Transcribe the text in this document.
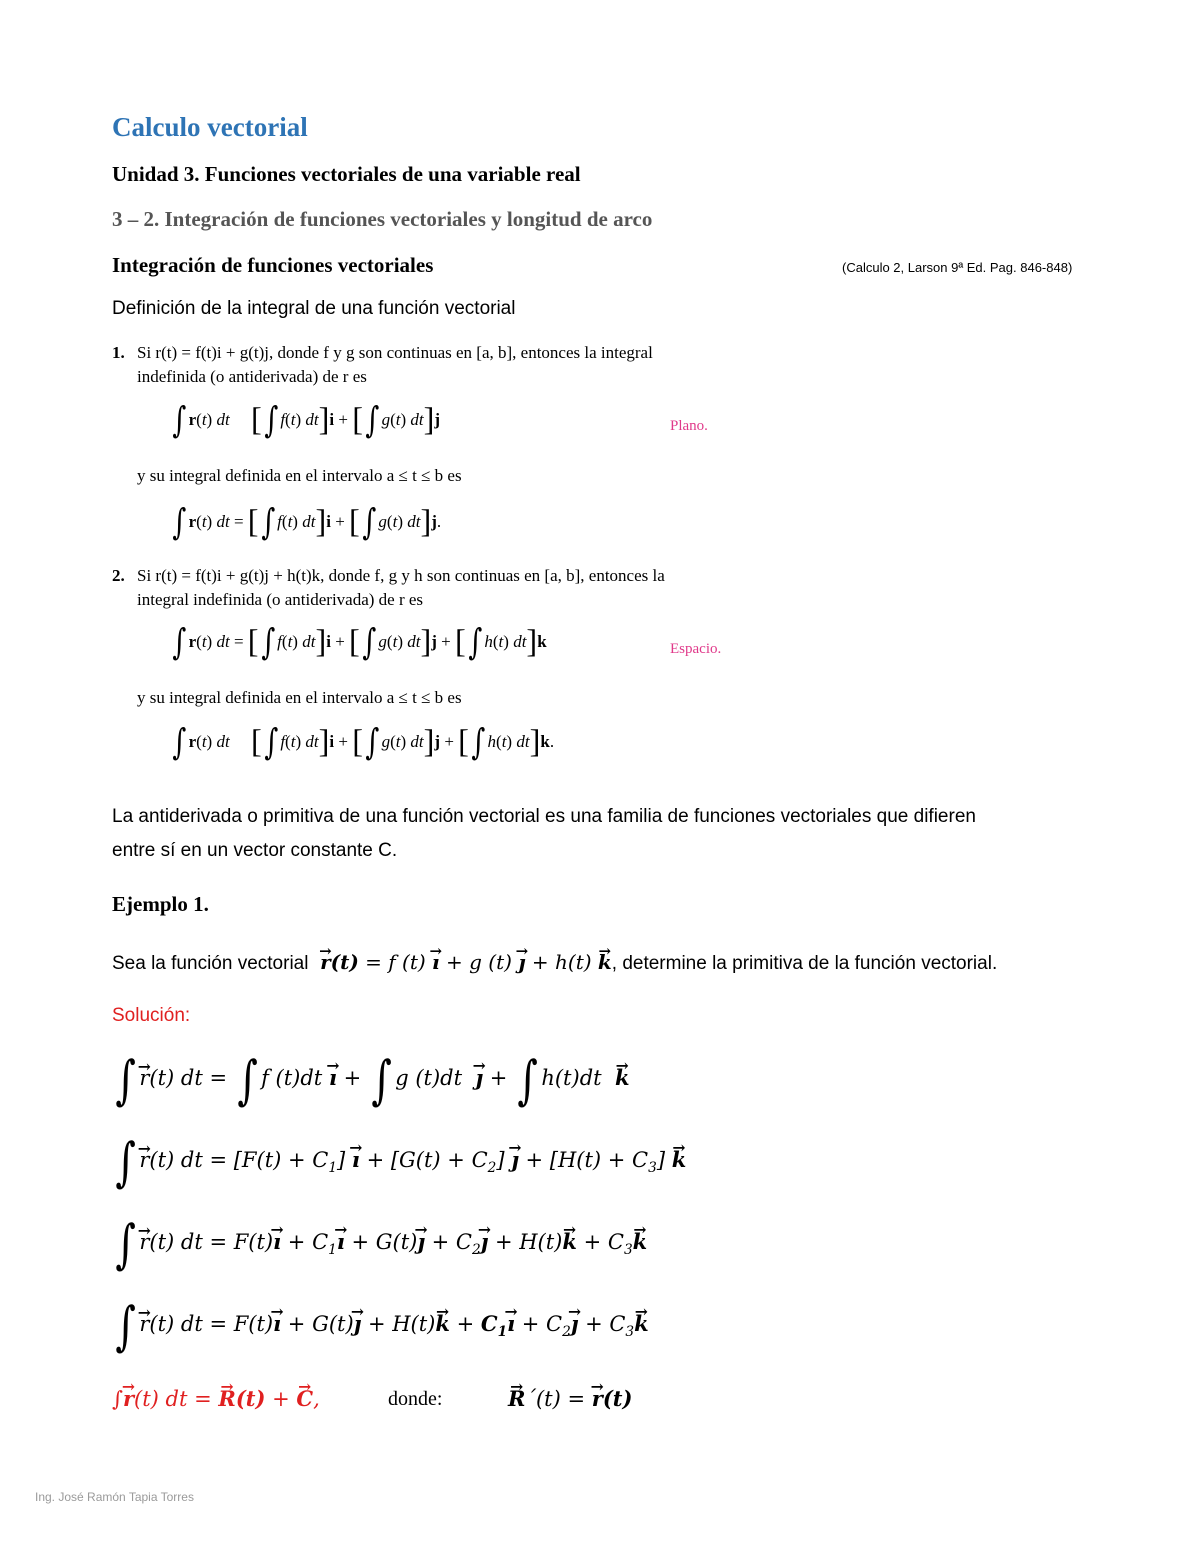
Calculo vectorial
Unidad 3. Funciones vectoriales de una variable real
3 – 2. Integración de funciones vectoriales y longitud de arco
Integración de funciones vectoriales	(Calculo 2, Larson 9ª Ed. Pag. 846-848)
Definición de la integral de una función vectorial
1. Si r(t) = f(t)i + g(t)j, donde f y g son continuas en [a, b], entonces la integral
indefinida (o antiderivada) de r es
∫ r(t) dt [∫ f(t) dt]i + [∫ g(t) dt]j	Plano.
y su integral definida en el intervalo a ≤ t ≤ b es
∫ r(t) dt = [∫ f(t) dt]i + [∫ g(t) dt]j.
2. Si r(t) = f(t)i + g(t)j + h(t)k, donde f, g y h son continuas en [a, b], entonces la
integral indefinida (o antiderivada) de r es
∫ r(t) dt = [∫ f(t) dt]i + [∫ g(t) dt]j + [∫ h(t) dt]k	Espacio.
y su integral definida en el intervalo a ≤ t ≤ b es
∫ r(t) dt [∫ f(t) dt]i + [∫ g(t) dt]j + [∫ h(t) dt]k.
La antiderivada o primitiva de una función vectorial es una familia de funciones vectoriales que difieren
entre sí en un vector constante C.
Ejemplo 1.
Sea la función vectorial r →(t) = f (t) ı → + g (t) ȷ → + h(t) k →, determine la primitiva de la función vectorial.
Solución:
∫ r →(t) dt = ∫ f (t)dt ı → + ∫ g (t)dt  ȷ → + ∫ h(t)dt  k →
∫ r →(t) dt = $[F(t) + C_1]$ ı → + $[G(t) + C_2]$ ȷ → + $[H(t) + C_3]$ k →
∫ r →(t) dt = F(t)ı → + $C_1ı$ → + G(t)ȷ → + $C_2ȷ$ → + H(t)k → + $C_3k$ →
∫ r →(t) dt = F(t)ı → + G(t)ȷ → + H(t)k → + $C_1ı$ → + $C_2ȷ$ → + $C_3k$ →
∫r →(t) dt = R →(t) + C →,	donde:	R →´(t) = r →(t)
Ing. José Ramón Tapia Torres
